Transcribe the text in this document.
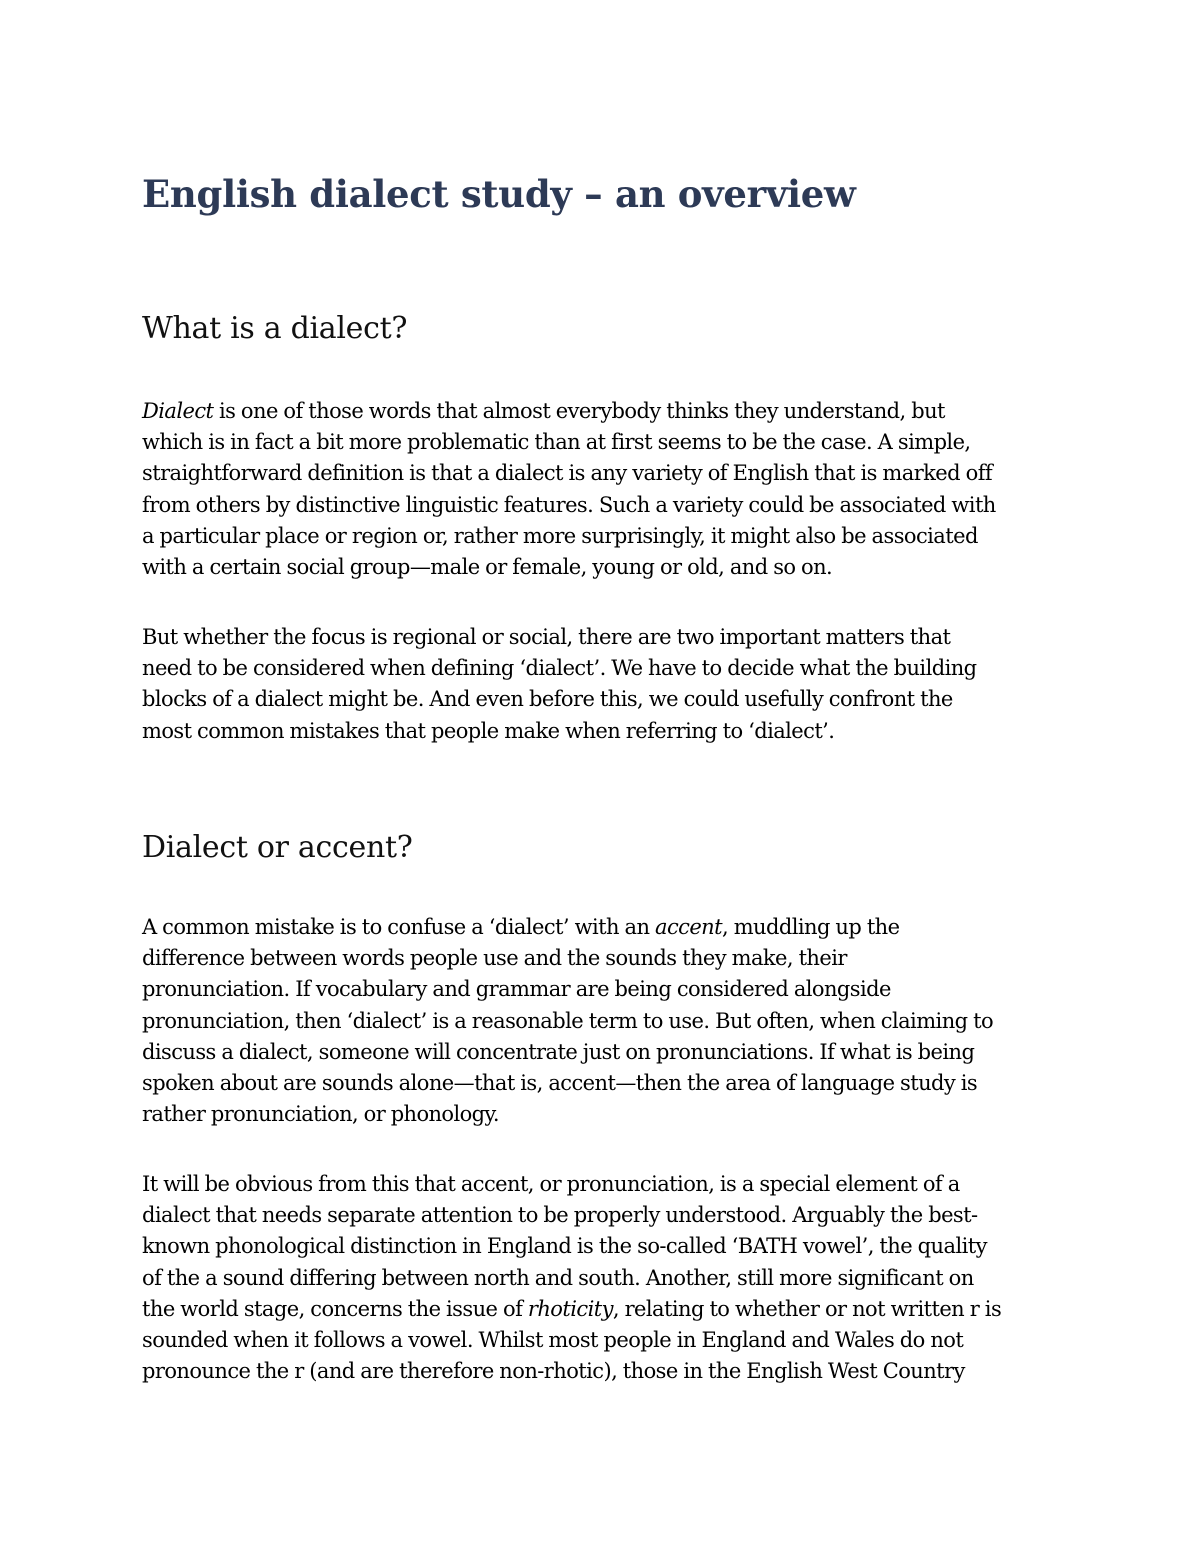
English dialect study – an overview
What is a dialect?

Dialect is one of those words that almost everybody thinks they understand, but
which is in fact a bit more problematic than at first seems to be the case. A simple,
straightforward definition is that a dialect is any variety of English that is marked off
from others by distinctive linguistic features. Such a variety could be associated with
a particular place or region or, rather more surprisingly, it might also be associated
with a certain social group—male or female, young or old, and so on.

But whether the focus is regional or social, there are two important matters that
need to be considered when defining ‘dialect’. We have to decide what the building
blocks of a dialect might be. And even before this, we could usefully confront the
most common mistakes that people make when referring to ‘dialect’.

Dialect or accent?

A common mistake is to confuse a ‘dialect’ with an accent, muddling up the
difference between words people use and the sounds they make, their
pronunciation. If vocabulary and grammar are being considered alongside
pronunciation, then ‘dialect’ is a reasonable term to use. But often, when claiming to
discuss a dialect, someone will concentrate just on pronunciations. If what is being
spoken about are sounds alone—that is, accent—then the area of language study is
rather pronunciation, or phonology.

It will be obvious from this that accent, or pronunciation, is a special element of a
dialect that needs separate attention to be properly understood. Arguably the best-
known phonological distinction in England is the so-called ‘BATH vowel’, the quality
of the a sound differing between north and south. Another, still more significant on
the world stage, concerns the issue of rhoticity, relating to whether or not written r is
sounded when it follows a vowel. Whilst most people in England and Wales do not
pronounce the r (and are therefore non-rhotic), those in the English West Country
